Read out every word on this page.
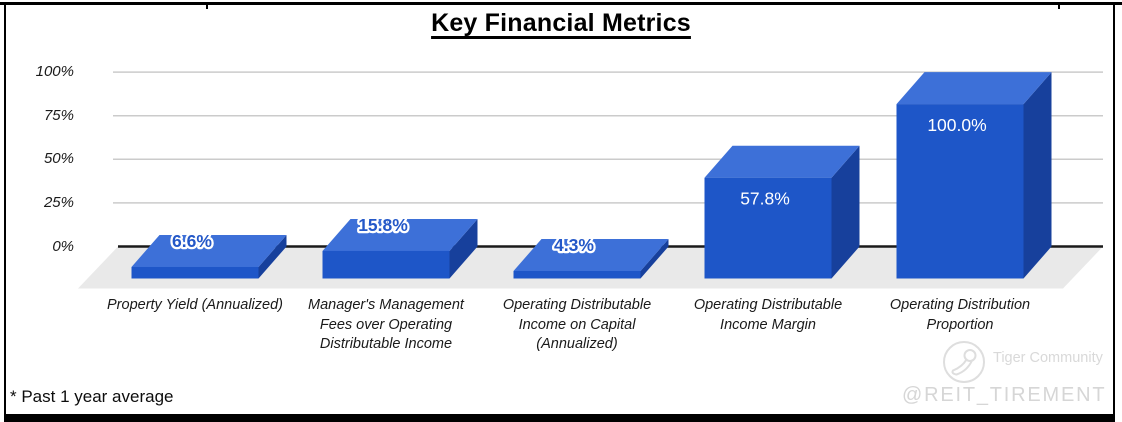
6.6%
15.8%
4.3%
57.8%
100.0%
Key Financial Metrics
0%
25%
50%
75%
100%
Property Yield (Annualized)	Manager's Management
Fees over Operating
Distributable Income
Operating Distributable
Income on Capital
(Annualized)
Operating Distributable
Income Margin
Operating Distribution
Proportion
* Past 1 year average
Tiger Community
@REIT_TIREMENT
